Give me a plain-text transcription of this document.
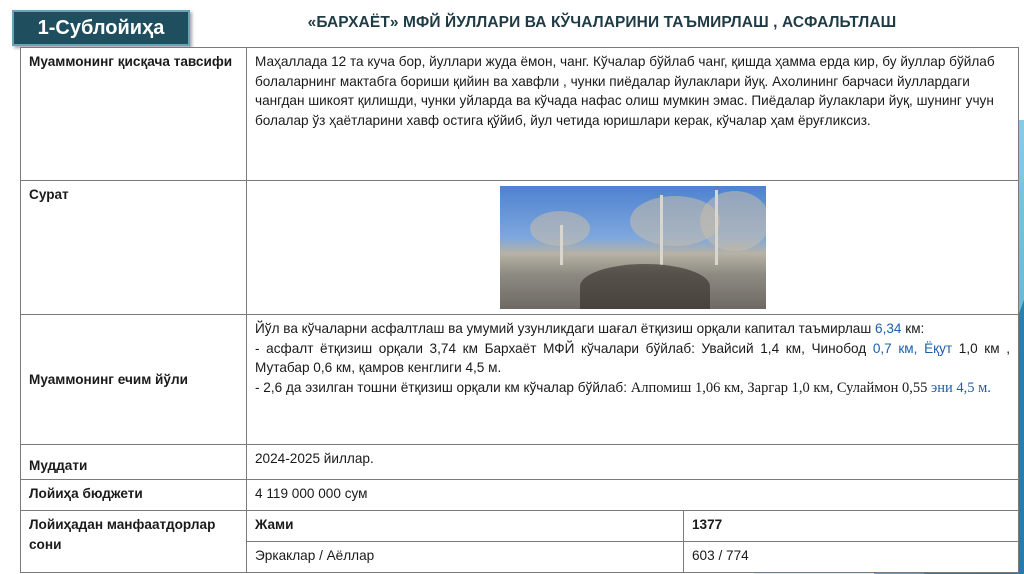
1-Сублойиҳа	«БАРХАЁТ» МФЙ ЙУЛЛАРИ ВА КЎЧАЛАРИНИ ТАЪМИРЛАШ , АСФАЛЬТЛАШ
Муаммонинг қисқача тавсифи	Маҳаллада 12 та куча бор, йуллари жуда ёмон, чанг. Кўчалар бўйлаб чанг, қишда ҳамма ерда кир, бу йуллар бўйлаб болаларнинг мактабга бориши қийин ва хавфли , чунки пиёдалар йулаклари йуқ. Ахолининг барчаси йуллардаги чангдан шикоят қилишди, чунки уйларда ва кўчада нафас олиш мумкин эмас. Пиёдалар йулаклари йуқ, шунинг учун болалар ўз ҳаётларини хавф остига қўйиб, йул четида юришлари керак, кўчалар ҳам ёруғликсиз.	
Сурат		

Муаммонинг ечим йўли	Йўл ва кўчаларни асфалтлаш ва умумий узунликдаги шағал ётқизиш орқали капитал таъмирлаш 6,34 км:
- асфалт ётқизиш орқали 3,74 км Бархаёт МФЙ кўчалари бўйлаб: Увайсий 1,4 км, Чинобод 0,7 км, Ёқут 1,0 км , Мутабар 0,6 км, қамров кенглиги 4,5 м.
- 2,6 да эзилган тошни ётқизиш орқали км кўчалар бўйлаб: Алпомиш 1,06 км, Заргар 1,0 км, Сулаймон 0,55 эни 4,5 м.	
Муддати	2024-2025 йиллар.	
Лойиҳа бюджети	4 119 000 000 сум	
Лойиҳадан манфаатдорлар сони	Жами	1377
	Эркаклар / Аёллар	603 / 774
